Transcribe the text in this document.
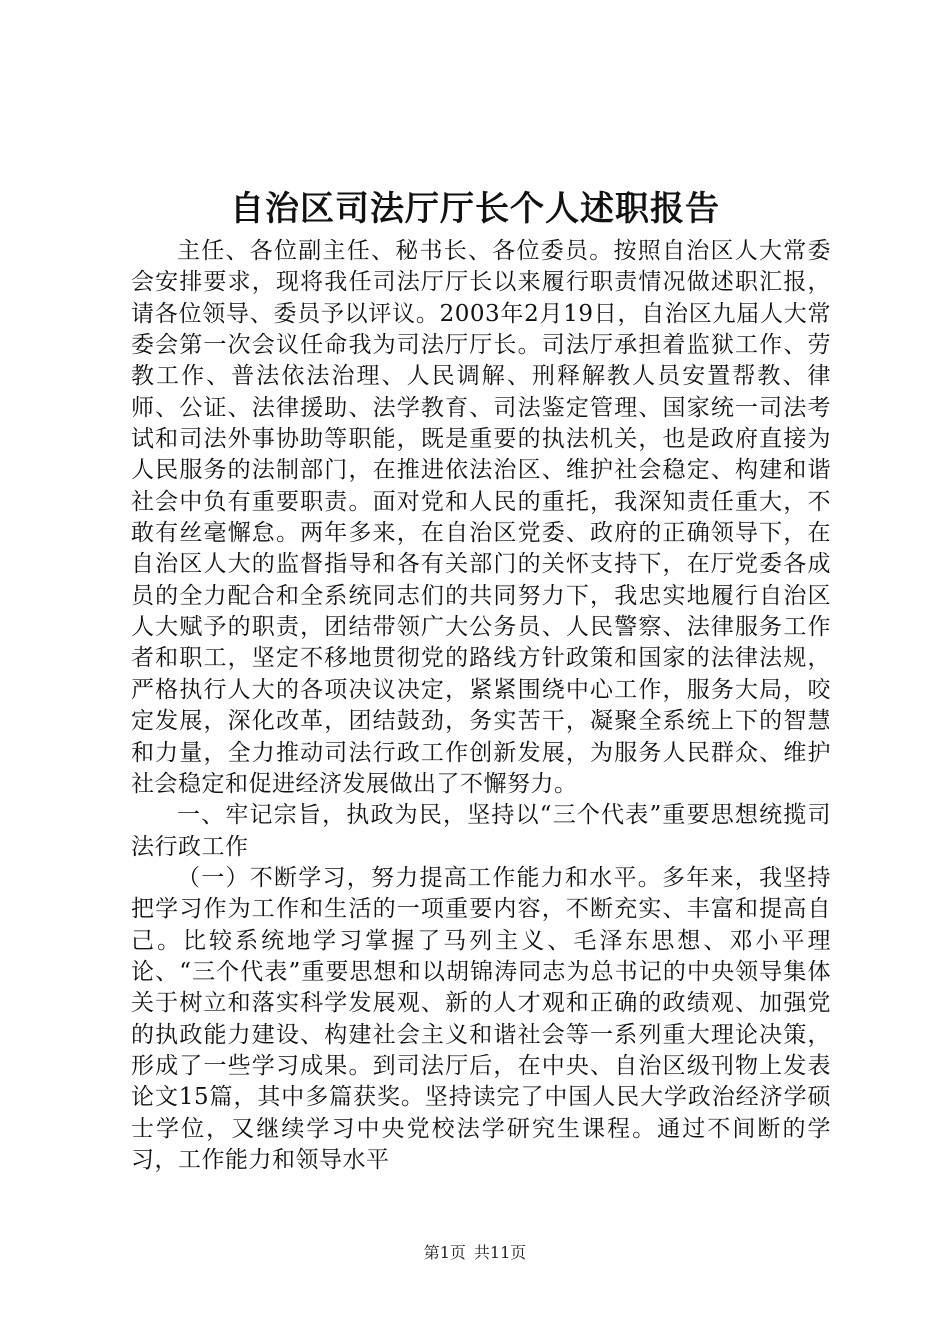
自治区司法厅厅长个人述职报告

主任、各位副主任、秘书长、各位委员。按照自治区人大常委会安排要求，现将我任司法厅厅长以来履行职责情况做述职汇报，请各位领导、委员予以评议。2003年2月19日，自治区九届人大常委会第一次会议任命我为司法厅厅长。司法厅承担着监狱工作、劳教工作、普法依法治理、人民调解、刑释解教人员安置帮教、律师、公证、法律援助、法学教育、司法鉴定管理、国家统一司法考试和司法外事协助等职能，既是重要的执法机关，也是政府直接为人民服务的法制部门，在推进依法治区、维护社会稳定、构建和谐社会中负有重要职责。面对党和人民的重托，我深知责任重大，不敢有丝毫懈怠。两年多来，在自治区党委、政府的正确领导下，在自治区人大的监督指导和各有关部门的关怀支持下，在厅党委各成员的全力配合和全系统同志们的共同努力下，我忠实地履行自治区人大赋予的职责，团结带领广大公务员、人民警察、法律服务工作者和职工，坚定不移地贯彻党的路线方针政策和国家的法律法规，严格执行人大的各项决议决定，紧紧围绕中心工作，服务大局，咬定发展，深化改革，团结鼓劲，务实苦干，凝聚全系统上下的智慧和力量，全力推动司法行政工作创新发展，为服务人民群众、维护社会稳定和促进经济发展做出了不懈努力。

一、牢记宗旨，执政为民，坚持以“三个代表”重要思想统揽司法行政工作

（一）不断学习，努力提高工作能力和水平。多年来，我坚持把学习作为工作和生活的一项重要内容，不断充实、丰富和提高自己。比较系统地学习掌握了马列主义、毛泽东思想、邓小平理论、“三个代表”重要思想和以胡锦涛同志为总书记的中央领导集体关于树立和落实科学发展观、新的人才观和正确的政绩观、加强党的执政能力建设、构建社会主义和谐社会等一系列重大理论决策，形成了一些学习成果。到司法厅后，在中央、自治区级刊物上发表论文15篇，其中多篇获奖。坚持读完了中国人民大学政治经济学硕士学位，又继续学习中央党校法学研究生课程。通过不间断的学习，工作能力和领导水平

第1页 共11页
